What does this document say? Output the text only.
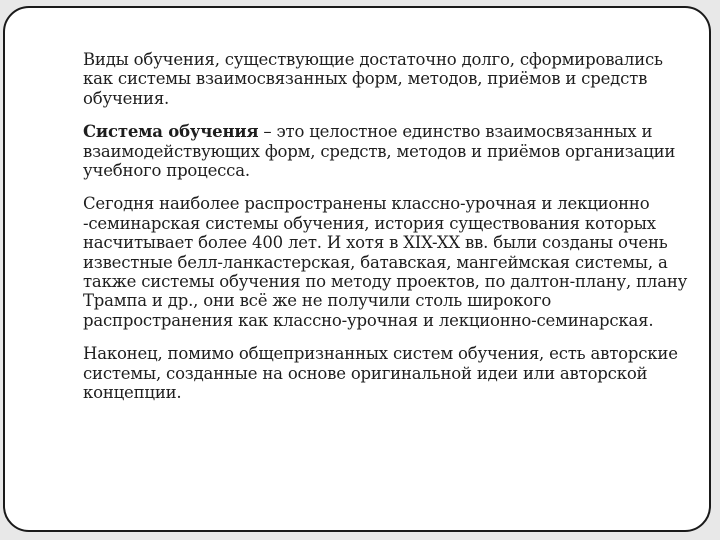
Виды обучения, существующие достаточно долго, сформировались как системы взаимосвязанных форм, методов, приёмов и средств обучения.

Система обучения – это целостное единство взаимосвязанных и взаимодействующих форм, средств, методов и приёмов организации учебного процесса.

Сегодня наиболее распространены классно-урочная и лекционно -семинарская системы обучения, история существования которых насчитывает более 400 лет. И хотя в XIX-XX вв. были созданы очень известные белл-ланкастерская, батавская, мангеймская системы, а также системы обучения по методу проектов, по далтон-плану, плану Трампа и др., они всё же не получили столь широкого распространения как классно-урочная и лекционно-семинарская.

Наконец, помимо общепризнанных систем обучения, есть авторские системы, созданные на основе оригинальной идеи или авторской концепции.
